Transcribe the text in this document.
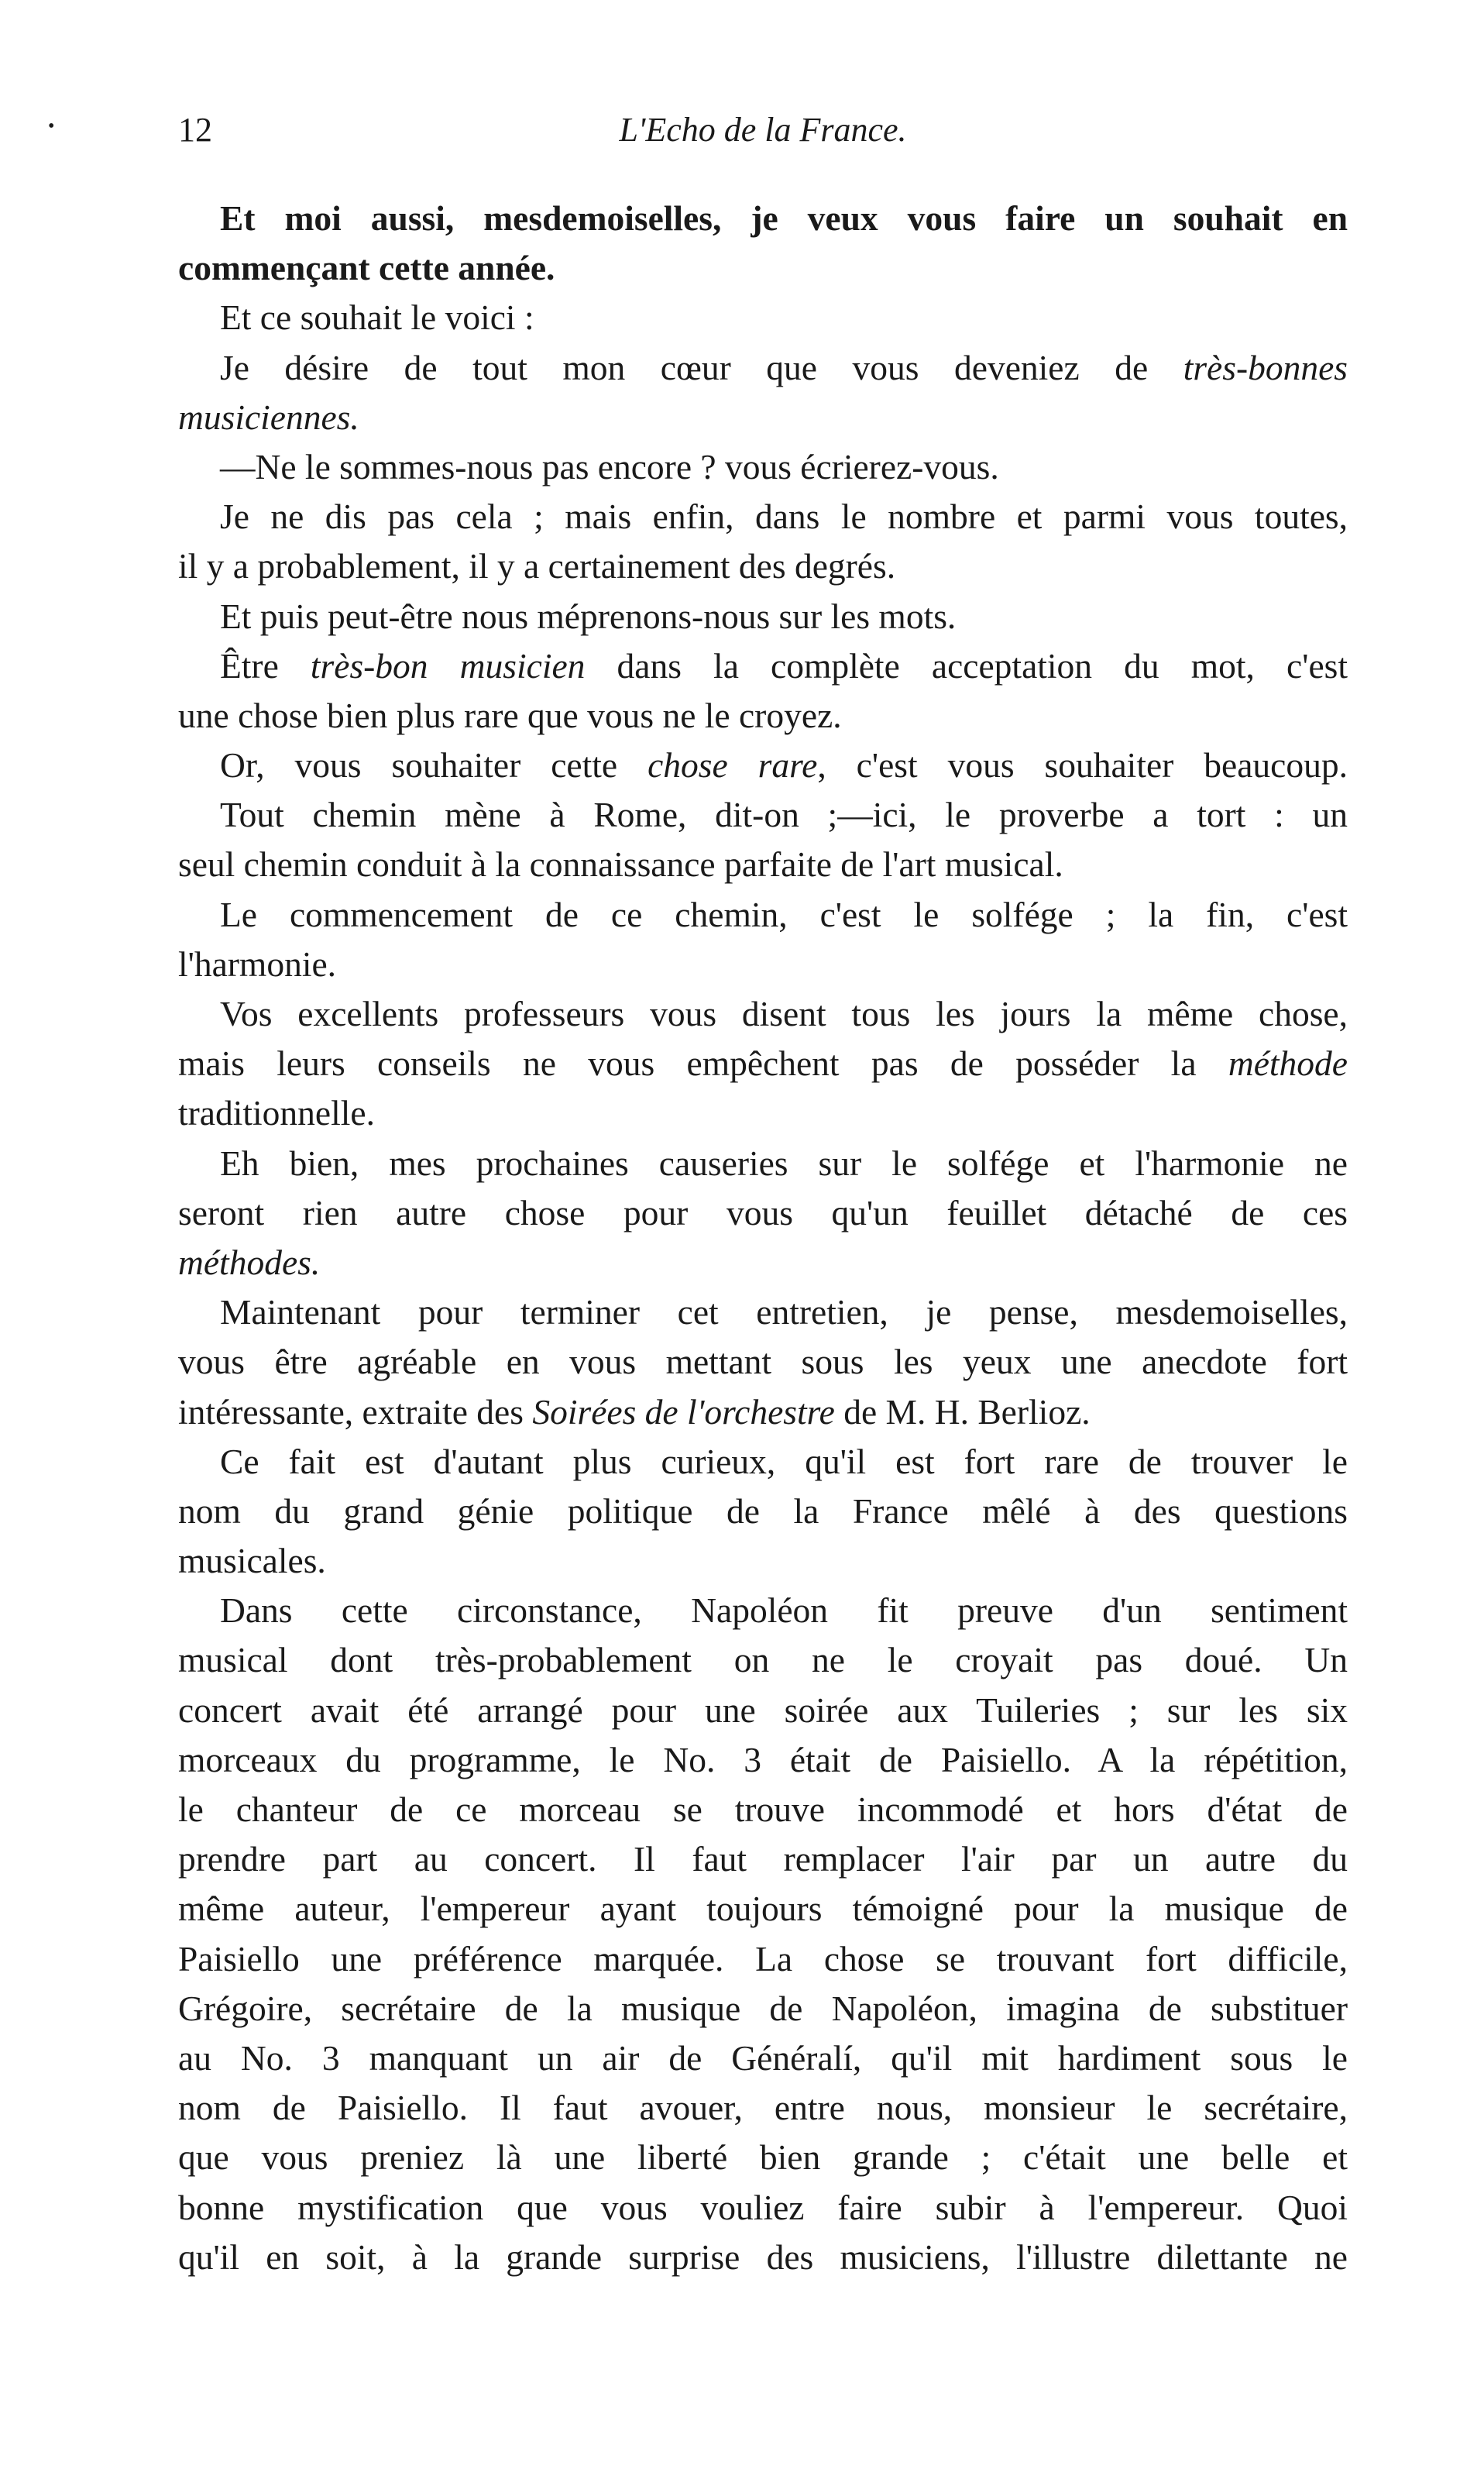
•	12	L'Echo de la France.
Et moi aussi, mesdemoiselles, je veux vous faire un souhait en
commençant cette année.
Et ce souhait le voici :
Je désire de tout mon cœur que vous deveniez de très-bonnes
musiciennes.
—Ne le sommes-nous pas encore ? vous écrierez-vous.
Je ne dis pas cela ; mais enfin, dans le nombre et parmi vous toutes,
il y a probablement, il y a certainement des degrés.
Et puis peut-être nous méprenons-nous sur les mots.
Être très-bon musicien dans la complète acceptation du mot, c'est
une chose bien plus rare que vous ne le croyez.
Or, vous souhaiter cette chose rare, c'est vous souhaiter beaucoup.
Tout chemin mène à Rome, dit-on ;—ici, le proverbe a tort : un
seul chemin conduit à la connaissance parfaite de l'art musical.
Le commencement de ce chemin, c'est le solfége ; la fin, c'est
l'harmonie.
Vos excellents professeurs vous disent tous les jours la même chose,
mais leurs conseils ne vous empêchent pas de posséder la méthode
traditionnelle.
Eh bien, mes prochaines causeries sur le solfége et l'harmonie ne
seront rien autre chose pour vous qu'un feuillet détaché de ces
méthodes.
Maintenant pour terminer cet entretien, je pense, mesdemoiselles,
vous être agréable en vous mettant sous les yeux une anecdote fort
intéressante, extraite des Soirées de l'orchestre de M. H. Berlioz.
Ce fait est d'autant plus curieux, qu'il est fort rare de trouver le
nom du grand génie politique de la France mêlé à des questions
musicales.
Dans cette circonstance, Napoléon fit preuve d'un sentiment
musical dont très-probablement on ne le croyait pas doué. Un
concert avait été arrangé pour une soirée aux Tuileries ; sur les six
morceaux du programme, le No. 3 était de Paisiello. A la répétition,
le chanteur de ce morceau se trouve incommodé et hors d'état de
prendre part au concert. Il faut remplacer l'air par un autre du
même auteur, l'empereur ayant toujours témoigné pour la musique de
Paisiello une préférence marquée. La chose se trouvant fort difficile,
Grégoire, secrétaire de la musique de Napoléon, imagina de substituer
au No. 3 manquant un air de Généralí, qu'il mit hardiment sous le
nom de Paisiello. Il faut avouer, entre nous, monsieur le secrétaire,
que vous preniez là une liberté bien grande ; c'était une belle et
bonne mystification que vous vouliez faire subir à l'empereur. Quoi
qu'il en soit, à la grande surprise des musiciens, l'illustre dilettante ne
